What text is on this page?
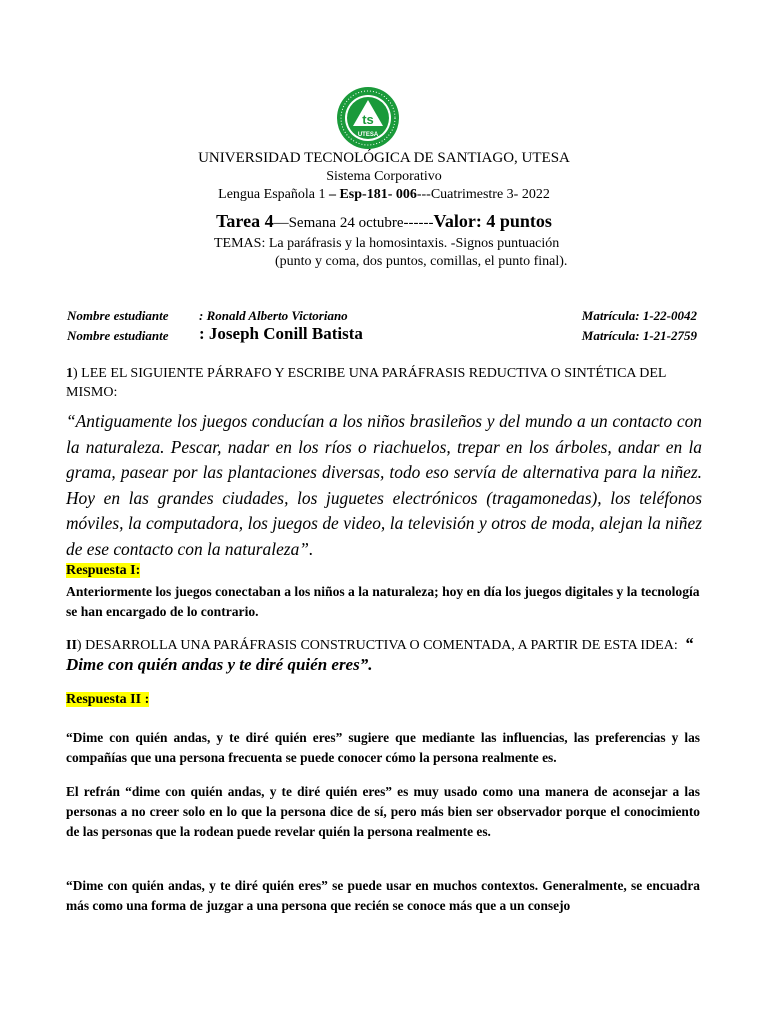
ts
UTESA
UNIVERSIDAD TECNOLÓGICA DE SANTIAGO, UTESA
Sistema Corporativo
Lengua Española 1 – Esp-181- 006---Cuatrimestre 3- 2022
Tarea 4—Semana 24 octubre------Valor: 4 puntos
TEMAS: La paráfrasis y la homosintaxis. -Signos puntuación
(punto y coma, dos puntos, comillas, el punto final).
Nombre estudiante : Ronald Alberto Victoriano	Matrícula: 1-22-0042
Nombre estudiante : Joseph Conill Batista	Matrícula: 1-21-2759
1) LEE EL SIGUIENTE PÁRRAFO Y ESCRIBE UNA PARÁFRASIS REDUCTIVA O SINTÉTICA DEL MISMO:
“Antiguamente los juegos conducían a los niños brasileños y del mundo a un contacto con la naturaleza. Pescar, nadar en los ríos o riachuelos, trepar en los árboles, andar en la grama, pasear por las plantaciones diversas, todo eso servía de alternativa para la niñez. Hoy en las grandes ciudades, los juguetes electrónicos (tragamonedas), los teléfonos móviles, la computadora, los juegos de video, la televisión y otros de moda, alejan la niñez de ese contacto con la naturaleza”.
Respuesta I:
Anteriormente los juegos conectaban a los niños a la naturaleza; hoy en día los juegos digitales y la tecnología se han encargado de lo contrario.
II) DESARROLLA UNA PARÁFRASIS CONSTRUCTIVA O COMENTADA, A PARTIR DE ESTA IDEA: “ Dime con quién andas y te diré quién eres”.
Respuesta II :
“Dime con quién andas, y te diré quién eres” sugiere que mediante las influencias, las preferencias y las compañías que una persona frecuenta se puede conocer cómo la persona realmente es.
El refrán “dime con quién andas, y te diré quién eres” es muy usado como una manera de aconsejar a las personas a no creer solo en lo que la persona dice de sí, pero más bien ser observador porque el conocimiento de las personas que la rodean puede revelar quién la persona realmente es.
“Dime con quién andas, y te diré quién eres” se puede usar en muchos contextos. Generalmente, se encuadra más como una forma de juzgar a una persona que recién se conoce más que a un consejo
